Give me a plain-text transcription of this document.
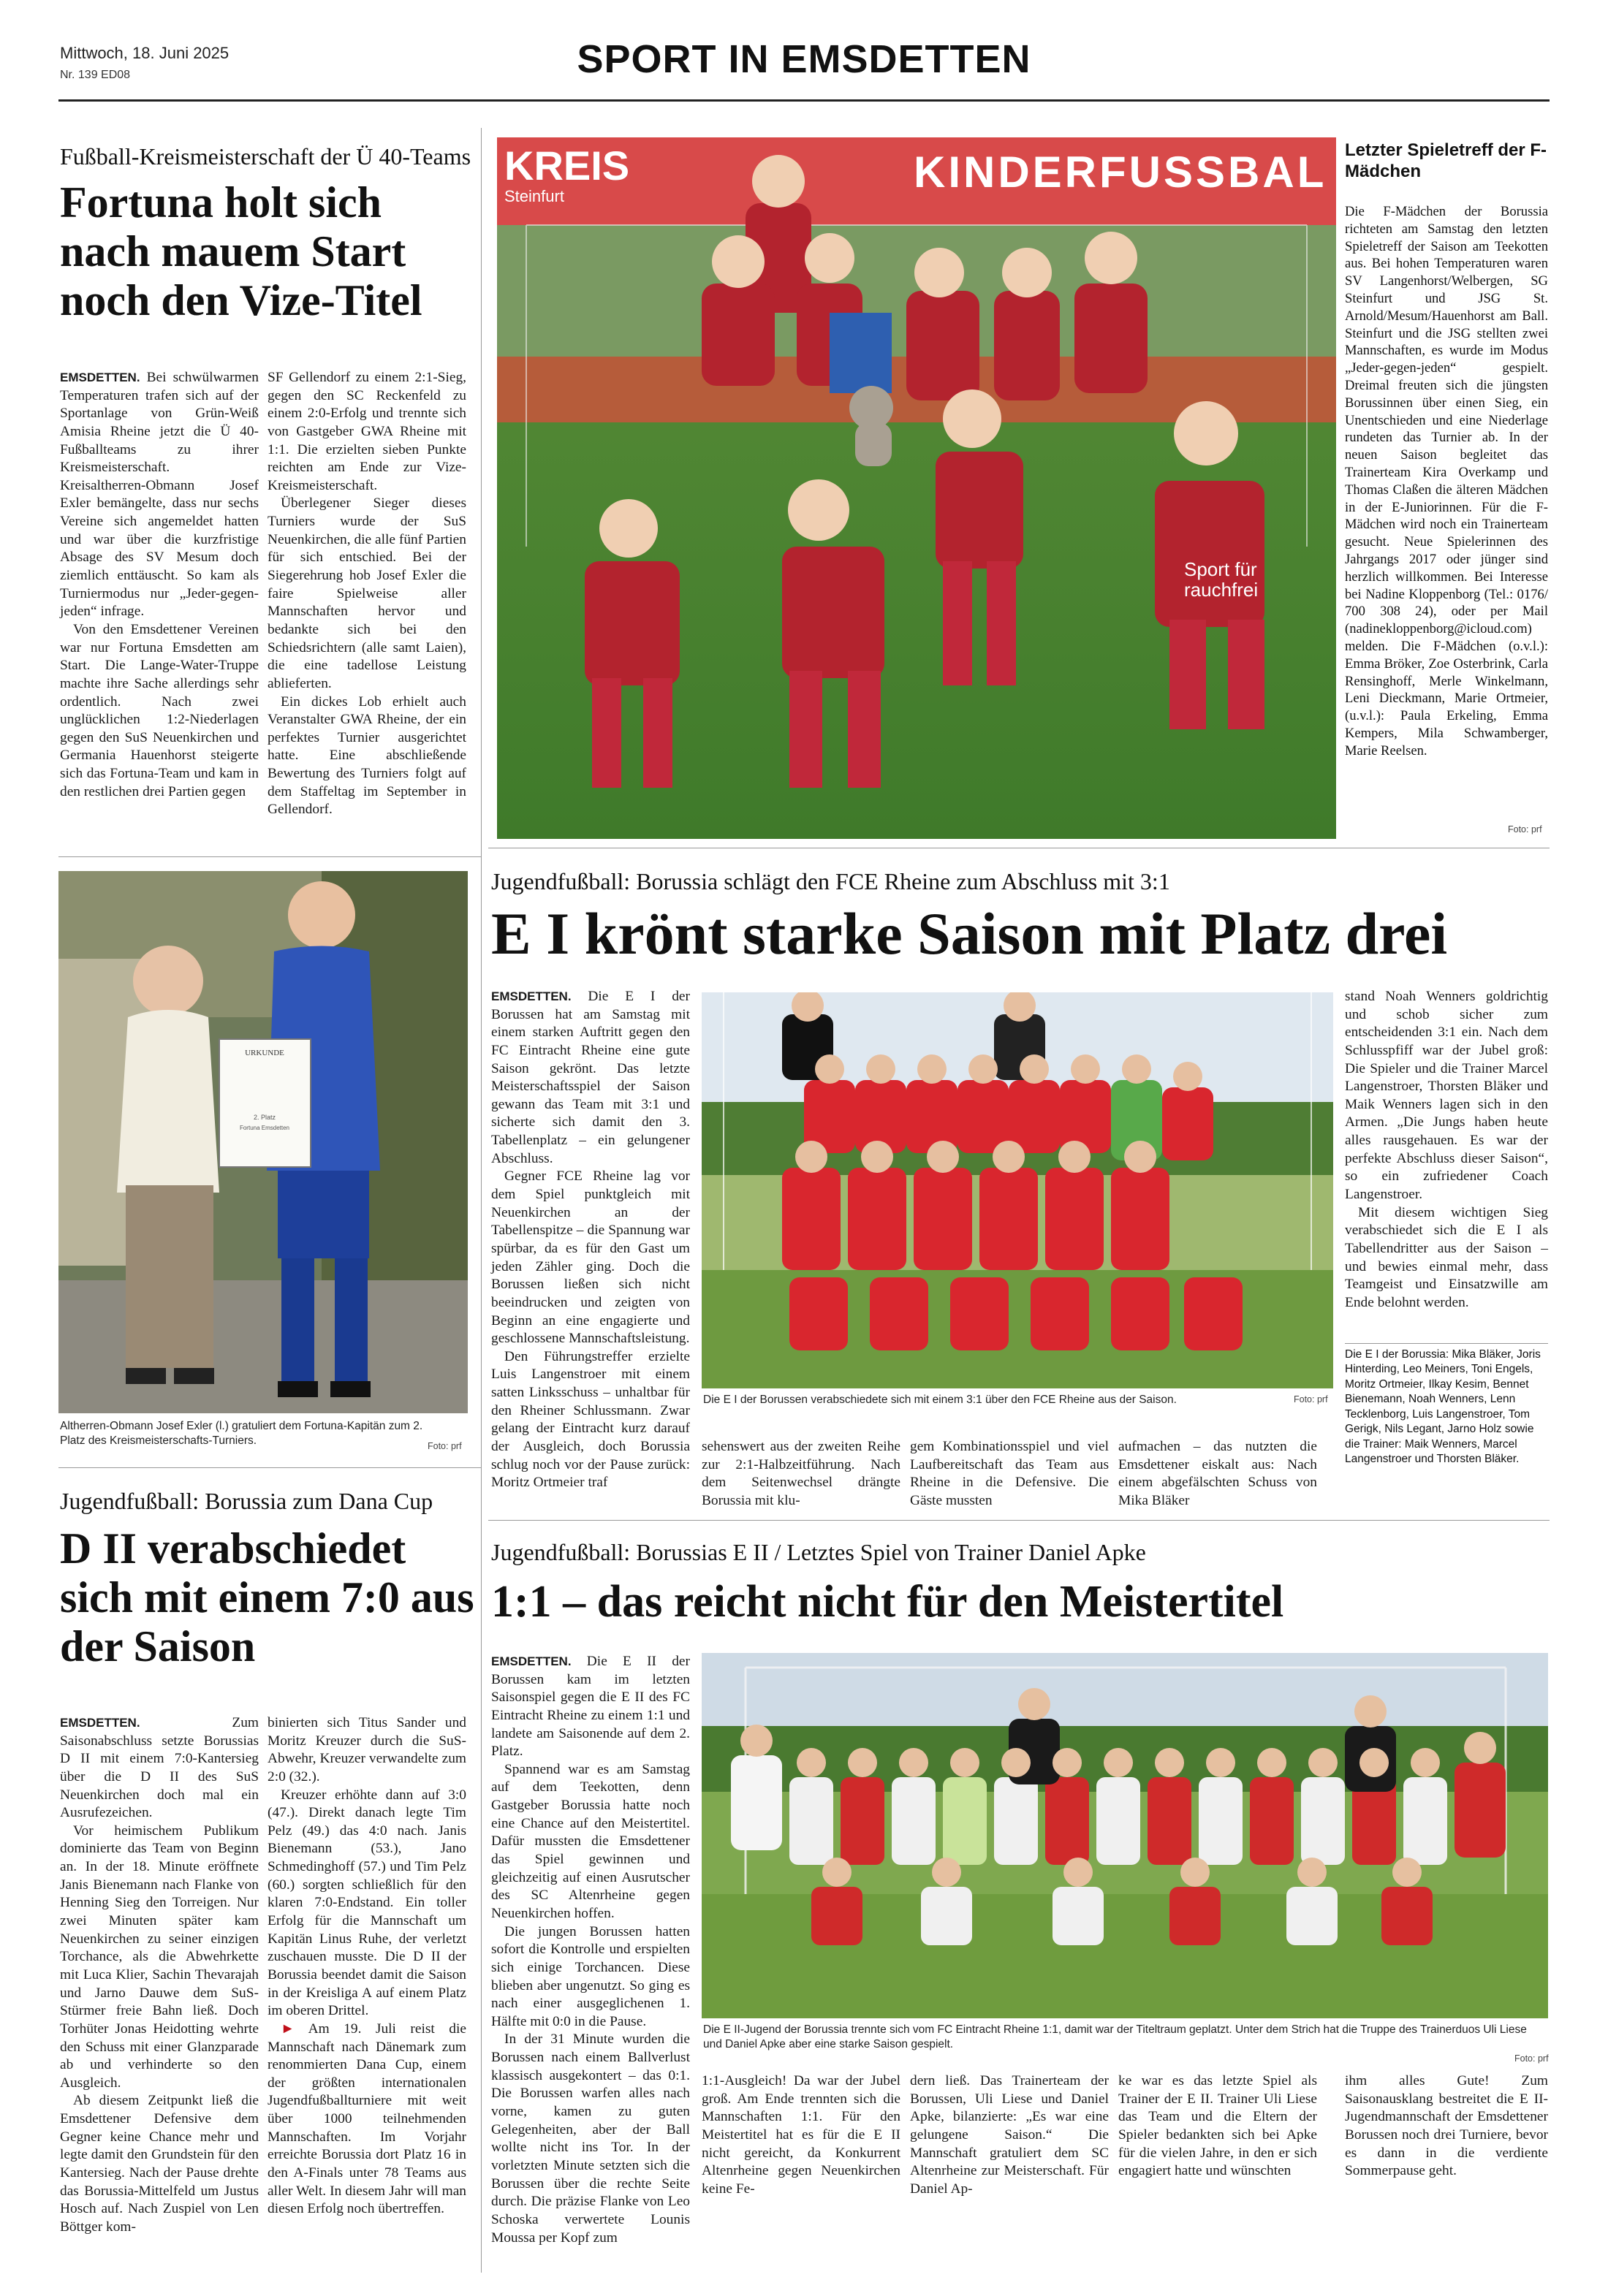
Mittwoch, 18. Juni 2025
Nr. 139 ED08	SPORT IN EMSDETTEN
Fußball-Kreismeisterschaft der Ü 40-Teams
Fortuna holt sich nach mauem Start noch den Vize-Titel

EMSDETTEN. Bei schwülwarmen Temperaturen trafen sich auf der Sportanlage von Grün-Weiß Amisia Rheine jetzt die Ü 40-Fußballteams zu ihrer Kreismeisterschaft. Kreisaltherren-Obmann Josef Exler bemängelte, dass nur sechs Vereine sich angemeldet hatten und war über die kurzfristige Absage des SV Mesum doch ziemlich enttäuscht. So kam als Turniermodus nur „Jeder-gegen-jeden“ infrage.

Von den Emsdettener Vereinen war nur Fortuna Emsdetten am Start. Die Lange-Water-Truppe machte ihre Sache allerdings sehr ordentlich. Nach zwei unglücklichen 1:2-Niederlagen gegen den SuS Neuenkirchen und Germania Hauenhorst steigerte sich das Fortuna-Team und kam in den restlichen drei Partien gegen

SF Gellendorf zu einem 2:1-Sieg, gegen den SC Reckenfeld zu einem 2:0-Erfolg und trennte sich von Gastgeber GWA Rheine mit 1:1. Die erzielten sieben Punkte reichten am Ende zur Vize-Kreismeisterschaft.

Überlegener Sieger dieses Turniers wurde der SuS Neuenkirchen, die alle fünf Partien für sich entschied. Bei der Siegerehrung hob Josef Exler die faire Spielweise aller Mannschaften hervor und bedankte sich bei den Schiedsrichtern (alle samt Laien), die eine tadellose Leistung ablieferten.

Ein dickes Lob erhielt auch Veranstalter GWA Rheine, der ein perfektes Turnier ausgerichtet hatte. Eine abschließende Bewertung des Turniers folgt auf dem Staffeltag im September in Gellendorf.

URKUNDE
2. Platz
Fortuna Emsdetten
Altherren-Obmann Josef Exler (l.) gratuliert dem Fortuna-Kapitän zum 2. Platz des Kreismeisterschafts-Turniers.	Foto: prf
KREIS
Steinfurt	KINDERFUSSBAL
Sport für
rauchfrei
Foto: prf
Letzter Spieletreff der F-Mädchen
Die F-Mädchen der Borussia richteten am Samstag den letzten Spieletreff der Saison am Teekotten aus. Bei hohen Temperaturen waren SV Langenhorst/Welbergen, SG Steinfurt und JSG St. Arnold/Mesum/Hauenhorst am Ball. Steinfurt und die JSG stellten zwei Mannschaften, es wurde im Modus „Jeder-gegen-jeden“ gespielt. Dreimal freuten sich die jüngsten Borussinnen über einen Sieg, ein Unentschieden und eine Niederlage rundeten das Turnier ab. In der neuen Saison begleitet das Trainerteam Kira Overkamp und Thomas Claßen die älteren Mädchen in der E-Juniorinnen. Für die F-Mädchen wird noch ein Trainerteam gesucht. Neue Spielerinnen des Jahrgangs 2017 oder jünger sind herzlich willkommen. Bei Interesse bei Nadine Kloppenborg (Tel.: 0176/ 700 308 24), oder per Mail (nadinekloppenborg@icloud.com) melden. Die F-Mädchen (o.v.l.): Emma Bröker, Zoe Osterbrink, Carla Rensinghoff, Merle Winkelmann, Leni Dieckmann, Marie Ortmeier, (u.v.l.): Paula Erkeling, Emma Kempers, Mila Schwamberger, Marie Reelsen.
Jugendfußball: Borussia schlägt den FCE Rheine zum Abschluss mit 3:1
E I krönt starke Saison mit Platz drei

EMSDETTEN. Die E I der Borussen hat am Samstag mit einem starken Auftritt gegen den FC Eintracht Rheine eine gute Saison gekrönt. Das letzte Meisterschaftsspiel der Saison gewann das Team mit 3:1 und sicherte sich damit den 3. Tabellenplatz – ein gelungener Abschluss.

Gegner FCE Rheine lag vor dem Spiel punktgleich mit Neuenkirchen an der Tabellenspitze – die Spannung war spürbar, da es für den Gast um jeden Zähler ging. Doch die Borussen ließen sich nicht beeindrucken und zeigten von Beginn an eine engagierte und geschlossene Mannschaftsleistung.

Den Führungstreffer erzielte Luis Langenstroer mit einem satten Linksschuss – unhaltbar für den Rheiner Schlussmann. Zwar gelang der Eintracht kurz darauf der Ausgleich, doch Borussia schlug noch vor der Pause zurück: Moritz Ortmeier traf

Die E I der Borussen verabschiedete sich mit einem 3:1 über den FCE Rheine aus der Saison.	Foto: prf

stand Noah Wenners goldrichtig und schob sicher zum entscheidenden 3:1 ein. Nach dem Schlusspfiff war der Jubel groß: Die Spieler und die Trainer Marcel Langenstroer, Thorsten Bläker und Maik Wenners lagen sich in den Armen. „Die Jungs haben heute alles rausgehauen. Es war der perfekte Abschluss dieser Saison“, so ein zufriedener Coach Langenstroer.

Mit diesem wichtigen Sieg verabschiedet sich die E I als Tabellendritter aus der Saison – und bewies einmal mehr, dass Teamgeist und Einsatzwille am Ende belohnt werden.

Die E I der Borussia: Mika Bläker, Joris Hinterding, Leo Meiners, Toni Engels, Moritz Ortmeier, Ilkay Kesim, Bennet Bienemann, Noah Wenners, Lenn Tecklenborg, Luis Langenstroer, Tom Gerigk, Nils Legant, Jarno Holz sowie die Trainer: Maik Wenners, Marcel Langenstroer und Thorsten Bläker.

sehenswert aus der zweiten Reihe zur 2:1-Halbzeitführung. Nach dem Seitenwechsel drängte Borussia mit klu-

gem Kombinationsspiel und viel Laufbereitschaft das Team aus Rheine in die Defensive. Die Gäste mussten

aufmachen – das nutzten die Emsdettener eiskalt aus: Nach einem abgefälschten Schuss von Mika Bläker

Jugendfußball: Borussia zum Dana Cup
D II verabschiedet sich mit einem 7:0 aus der Saison

EMSDETTEN.	Zum Saisonabschluss setzte Borussias D II mit einem 7:0-Kantersieg über die D II des SuS Neuenkirchen doch mal ein Ausrufezeichen.

Vor heimischem Publikum dominierte das Team von Beginn an. In der 18. Minute eröffnete Janis Bienemann nach Flanke von Henning Sieg den Torreigen. Nur zwei Minuten später kam Neuenkirchen zu seiner einzigen Torchance, als die Abwehrkette mit Luca Klier, Sachin Thevarajah und Jarno Dauwe dem SuS-Stürmer freie Bahn ließ. Doch Torhüter Jonas Heidotting wehrte den Schuss mit einer Glanzparade ab und verhinderte so den Ausgleich.

Ab diesem Zeitpunkt ließ die Emsdettener Defensive dem Gegner keine Chance mehr und legte damit den Grundstein für den Kantersieg. Nach der Pause drehte das Borussia-Mittelfeld um Justus Hosch auf. Nach Zuspiel von Len Böttger kom-

binierten sich Titus Sander und Moritz Kreuzer durch die SuS-Abwehr, Kreuzer verwandelte zum 2:0 (32.).

Kreuzer erhöhte dann auf 3:0 (47.). Direkt danach legte Tim Pelz (49.) das 4:0 nach. Janis Bienemann (53.), Jano Schmedinghoff (57.) und Tim Pelz (60.) sorgten schließlich für den klaren 7:0-Endstand. Ein toller Erfolg für die Mannschaft um Kapitän Linus Ruhe, der verletzt zuschauen musste. Die D II der Borussia beendet damit die Saison in der Kreisliga A auf einem Platz im oberen Drittel.

► Am 19. Juli reist die Mannschaft nach Dänemark zum renommierten Dana Cup, einem der größten internationalen Jugendfußballturniere mit weit über 1000 teilnehmenden Mannschaften. Im Vorjahr erreichte Borussia dort Platz 16 in den A-Finals unter 78 Teams aus aller Welt. In diesem Jahr will man diesen Erfolg noch übertreffen.

Jugendfußball: Borussias E II / Letztes Spiel von Trainer Daniel Apke
1:1 – das reicht nicht für den Meistertitel

EMSDETTEN. Die E II der Borussen kam im letzten Saisonspiel gegen die E II des FC Eintracht Rheine zu einem 1:1 und landete am Saisonende auf dem 2. Platz.

Spannend war es am Samstag auf dem Teekotten, denn Gastgeber Borussia hatte noch eine Chance auf den Meistertitel. Dafür mussten die Emsdettener das Spiel gewinnen und gleichzeitig auf einen Ausrutscher des SC Altenrheine gegen Neuenkirchen hoffen.

Die jungen Borussen hatten sofort die Kontrolle und erspielten sich einige Torchancen. Diese blieben aber ungenutzt. So ging es nach einer ausgeglichenen 1. Hälfte mit 0:0 in die Pause.

In der 31 Minute wurden die Borussen nach einem Ballverlust klassisch ausgekontert – das 0:1. Die Borussen warfen alles nach vorne, kamen zu guten Gelegenheiten, aber der Ball wollte nicht ins Tor. In der vorletzten Minute setzten sich die Borussen über die rechte Seite durch. Die präzise Flanke von Leo Schoska verwertete Lounis Moussa per Kopf zum

Die E II-Jugend der Borussia trennte sich vom FC Eintracht Rheine 1:1, damit war der Titeltraum geplatzt. Unter dem Strich hat die Truppe des Trainerduos Uli Liese und Daniel Apke aber eine starke Saison gespielt.
Foto: prf

1:1-Ausgleich! Da war der Jubel groß. Am Ende trennten sich die Mannschaften 1:1. Für den Meistertitel hat es für die E II nicht gereicht, da Konkurrent Altenrheine gegen Neuenkirchen keine Fe-

dern ließ. Das Trainerteam der Borussen, Uli Liese und Daniel Apke, bilanzierte: „Es war eine gelungene Saison.“ Die Mannschaft gratuliert dem SC Altenrheine zur Meisterschaft. Für Daniel Ap-

ke war es das letzte Spiel als Trainer der E II. Trainer Uli Liese das Team und die Eltern der Spieler bedankten sich bei Apke für die vielen Jahre, in den er sich engagiert hatte und wünschten

ihm alles Gute! Zum Saisonausklang bestreitet die E II-Jugendmannschaft der Emsdettener Borussen noch drei Turniere, bevor es dann in die verdiente Sommerpause geht.
